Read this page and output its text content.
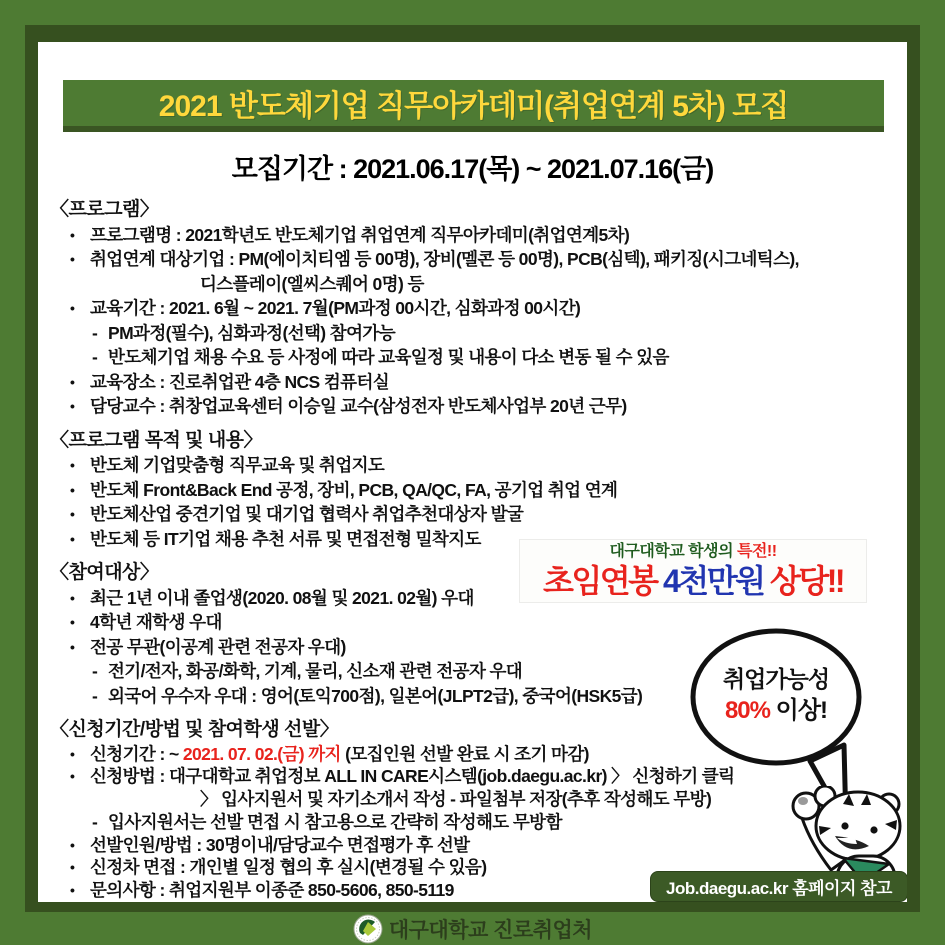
2021 반도체기업 직무아카데미(취업연계 5차) 모집
모집기간 : 2021.06.17(목) ~ 2021.07.16(금)
〈프로그램〉
• 프로그램명 : 2021학년도 반도체기업 취업연계 직무아카데미(취업연계5차)
• 취업연계 대상기업 : PM(에이치티엠 등 00명), 장비(멜콘 등 00명), PCB(심텍), 패키징(시그네틱스),
디스플레이(엘씨스퀘어 0명) 등
• 교육기간 : 2021. 6월 ~ 2021. 7월(PM과정 00시간, 심화과정 00시간)
- PM과정(필수), 심화과정(선택) 참여가능
- 반도체기업 채용 수요 등 사정에 따라 교육일정 및 내용이 다소 변동 될 수 있음
• 교육장소 : 진로취업관 4층 NCS 컴퓨터실
• 담당교수 : 취창업교육센터 이승일 교수(삼성전자 반도체사업부 20년 근무)
〈프로그램 목적 및 내용〉
• 반도체 기업맞춤형 직무교육 및 취업지도
• 반도체 Front&Back End 공정, 장비, PCB, QA/QC, FA, 공기업 취업 연계
• 반도체산업 중견기업 및 대기업 협력사 취업추천대상자 발굴
• 반도체 등 IT기업 채용 추천 서류 및 면접전형 밀착지도
〈참여대상〉
• 최근 1년 이내 졸업생(2020. 08월 및 2021. 02월) 우대
• 4학년 재학생 우대
• 전공 무관(이공계 관련 전공자 우대)
- 전기/전자, 화공/화학, 기계, 물리, 신소재 관련 전공자 우대
- 외국어 우수자 우대 : 영어(토익700점), 일본어(JLPT2급), 중국어(HSK5급)
〈신청기간/방법 및 참여학생 선발〉
• 신청기간 : ~ 2021. 07. 02.(금) 까지 (모집인원 선발 완료 시 조기 마감)
• 신청방법 : 대구대학교 취업정보 ALL IN CARE시스템(job.daegu.ac.kr) 〉 신청하기 클릭
〉 입사지원서 및 자기소개서 작성 - 파일첨부 저장(추후 작성해도 무방)
- 입사지원서는 선발 면접 시 참고용으로 간략히 작성해도 무방함
• 선발인원/방법 : 30명이내/담당교수 면접평가 후 선발
• 신정차 면접 : 개인별 일정 협의 후 실시(변경될 수 있음)
• 문의사항 : 취업지원부 이종준 850-5606, 850-5119
대구대학교 학생의 특전!!
초임연봉 4천만원 상당!!
취업가능성
80% 이상!
Job.daegu.ac.kr 홈페이지 참고
대구대학교 진로취업처
